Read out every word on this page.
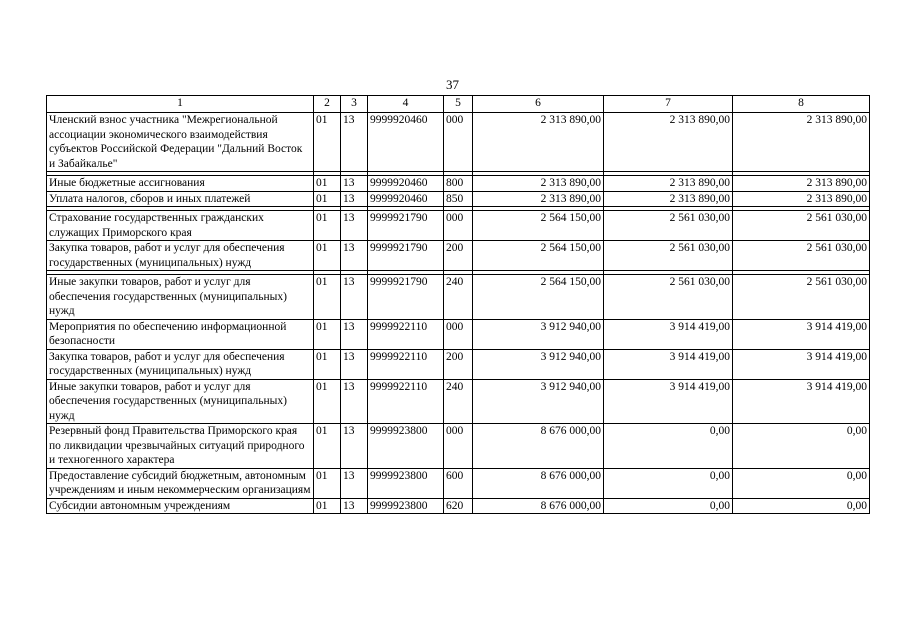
37
1	2	3	4	5	6	7	8
Членский взнос участника "Межрегиональной ассоциации экономического взаимодействия субъектов Российской Федерации "Дальний Восток и Забайкалье"	01	13	9999920460	000	2 313 890,00	2 313 890,00	2 313 890,00

Иные бюджетные ассигнования	01	13	9999920460	800	2 313 890,00	2 313 890,00	2 313 890,00
Уплата налогов, сборов и иных платежей	01	13	9999920460	850	2 313 890,00	2 313 890,00	2 313 890,00

Страхование государственных гражданских служащих Приморского края	01	13	9999921790	000	2 564 150,00	2 561 030,00	2 561 030,00
Закупка товаров, работ и услуг для обеспечения государственных (муниципальных) нужд	01	13	9999921790	200	2 564 150,00	2 561 030,00	2 561 030,00

Иные закупки товаров, работ и услуг для обеспечения государственных (муниципальных) нужд	01	13	9999921790	240	2 564 150,00	2 561 030,00	2 561 030,00
Мероприятия по обеспечению информационной безопасности	01	13	9999922110	000	3 912 940,00	3 914 419,00	3 914 419,00
Закупка товаров, работ и услуг для обеспечения государственных (муниципальных) нужд	01	13	9999922110	200	3 912 940,00	3 914 419,00	3 914 419,00
Иные закупки товаров, работ и услуг для обеспечения государственных (муниципальных) нужд	01	13	9999922110	240	3 912 940,00	3 914 419,00	3 914 419,00
Резервный фонд Правительства Приморского края по ликвидации чрезвычайных ситуаций природного и техногенного характера	01	13	9999923800	000	8 676 000,00	0,00	0,00
Предоставление субсидий бюджетным, автономным учреждениям и иным некоммерческим организациям	01	13	9999923800	600	8 676 000,00	0,00	0,00
Субсидии автономным учреждениям	01	13	9999923800	620	8 676 000,00	0,00	0,00
